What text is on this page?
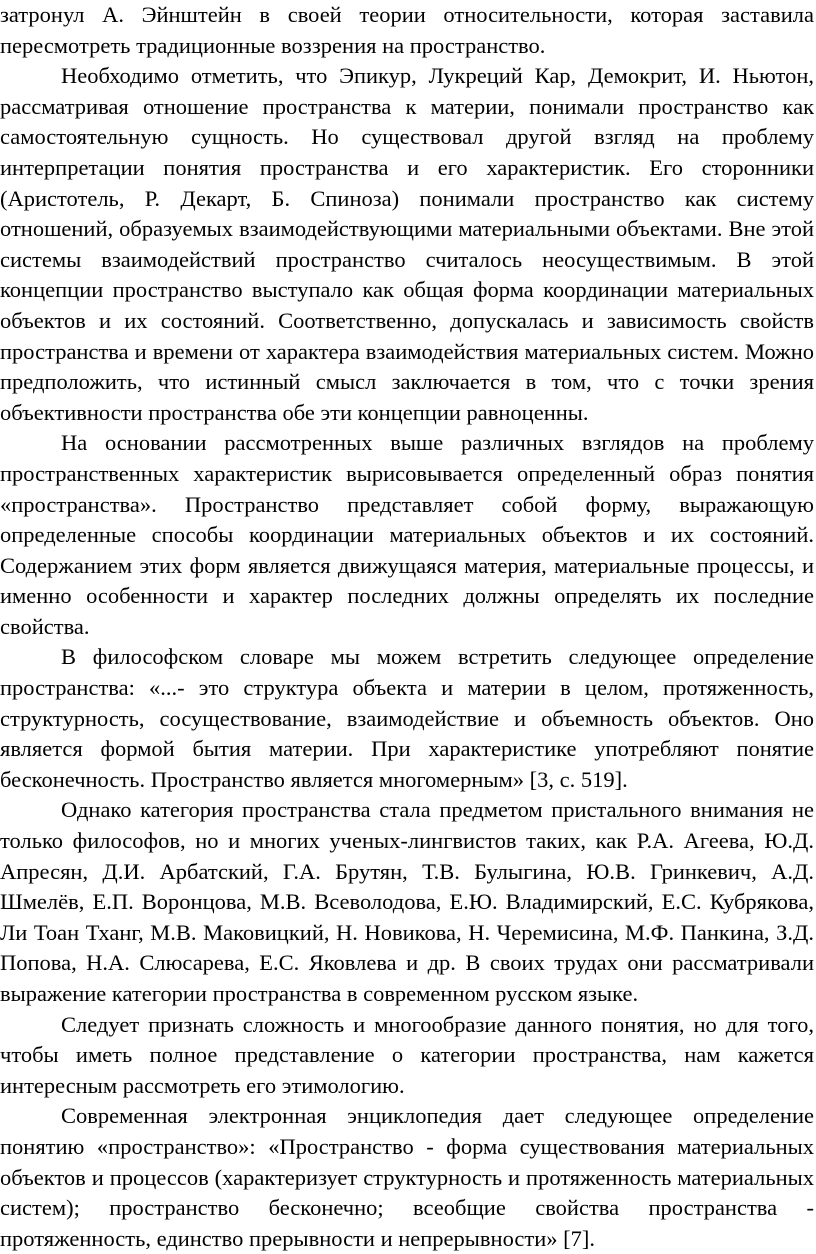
затронул А. Эйнштейн в своей теории относительности, которая заставила пересмотреть традиционные воззрения на пространство.

Необходимо отметить, что Эпикур, Лукреций Кар, Демокрит, И. Ньютон, рассматривая отношение пространства к материи, понимали пространство как самостоятельную сущность. Но существовал другой взгляд на проблему интерпретации понятия пространства и его характеристик. Его сторонники (Аристотель, Р. Декарт, Б. Спиноза) понимали пространство как систему отношений, образуемых взаимодействующими материальными объектами. Вне этой системы взаимодействий пространство считалось неосуществимым. В этой концепции пространство выступало как общая форма координации материальных объектов и их состояний. Соответственно, допускалась и зависимость свойств пространства и времени от характера взаимодействия материальных систем. Можно предположить, что истинный смысл заключается в том, что с точки зрения объективности пространства обе эти концепции равноценны.

На основании рассмотренных выше различных взглядов на проблему пространственных характеристик вырисовывается определенный образ понятия «пространства». Пространство представляет собой форму, выражающую определенные способы координации материальных объектов и их состояний. Содержанием этих форм является движущаяся материя, материальные процессы, и именно особенности и характер последних должны определять их последние свойства.

В философском словаре мы можем встретить следующее определение пространства: «...- это структура объекта и материи в целом, протяженность, структурность, сосуществование, взаимодействие и объемность объектов. Оно является формой бытия материи. При характеристике употребляют понятие бесконечность. Пространство является многомерным» [3, с. 519].

Однако категория пространства стала предметом пристального внимания не только философов, но и многих ученых-лингвистов таких, как Р.А. Агеева, Ю.Д. Апресян, Д.И. Арбатский, Г.А. Брутян, Т.В. Булыгина, Ю.В. Гринкевич, А.Д. Шмелёв, Е.П. Воронцова, М.В. Всеволодова, Е.Ю. Владимирский, Е.С. Кубрякова, Ли Тоан Тханг, М.В. Маковицкий, Н. Новикова, Н. Черемисина, М.Ф. Панкина, З.Д. Попова, Н.А. Слюсарева, Е.С. Яковлева и др. В своих трудах они рассматривали выражение категории пространства в современном русском языке.

Следует признать сложность и многообразие данного понятия, но для того, чтобы иметь полное представление о категории пространства, нам кажется интересным рассмотреть его этимологию.

Современная электронная энциклопедия дает следующее определение понятию «пространство»: «Пространство - форма существования материальных объектов и процессов (характеризует структурность и протяженность материальных систем); пространство бесконечно; всеобщие свойства пространства - протяженность, единство прерывности и непрерывности» [7].
